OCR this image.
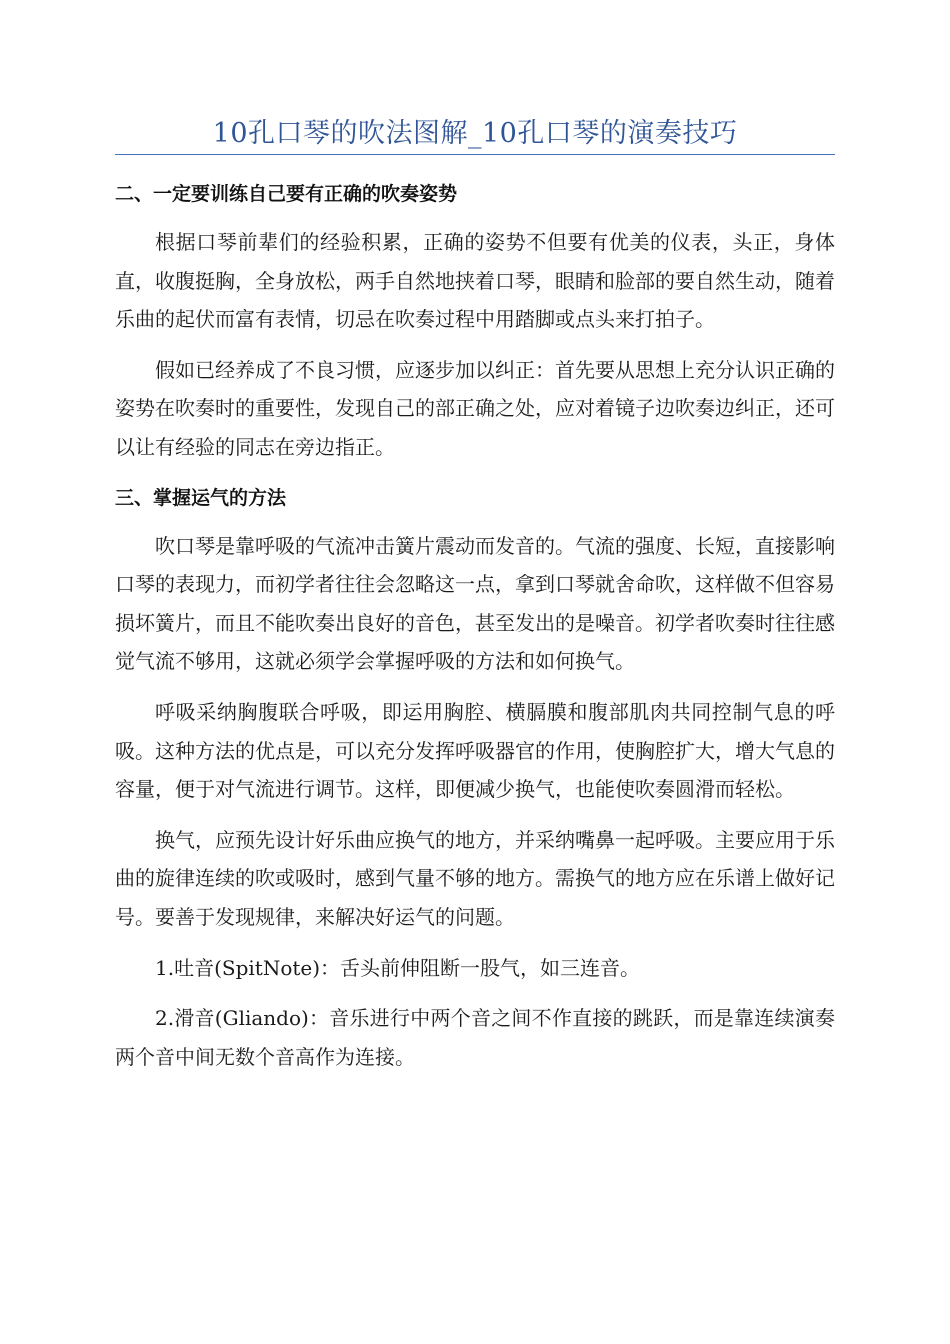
10孔口琴的吹法图解_10孔口琴的演奏技巧
二、一定要训练自己要有正确的吹奏姿势

根据口琴前辈们的经验积累，正确的姿势不但要有优美的仪表，头正，身体直，收腹挺胸，全身放松，两手自然地挟着口琴，眼睛和脸部的要自然生动，随着乐曲的起伏而富有表情，切忌在吹奏过程中用踏脚或点头来打拍子。

假如已经养成了不良习惯，应逐步加以纠正：首先要从思想上充分认识正确的姿势在吹奏时的重要性，发现自己的部正确之处，应对着镜子边吹奏边纠正，还可以让有经验的同志在旁边指正。

三、掌握运气的方法

吹口琴是靠呼吸的气流冲击簧片震动而发音的。气流的强度、长短，直接影响口琴的表现力，而初学者往往会忽略这一点，拿到口琴就舍命吹，这样做不但容易损坏簧片，而且不能吹奏出良好的音色，甚至发出的是噪音。初学者吹奏时往往感觉气流不够用，这就必须学会掌握呼吸的方法和如何换气。

呼吸采纳胸腹联合呼吸，即运用胸腔、横膈膜和腹部肌肉共同控制气息的呼吸。这种方法的优点是，可以充分发挥呼吸器官的作用，使胸腔扩大，增大气息的容量，便于对气流进行调节。这样，即便减少换气，也能使吹奏圆滑而轻松。

换气，应预先设计好乐曲应换气的地方，并采纳嘴鼻一起呼吸。主要应用于乐曲的旋律连续的吹或吸时，感到气量不够的地方。需换气的地方应在乐谱上做好记号。要善于发现规律，来解决好运气的问题。

1.吐音(SpitNote)：舌头前伸阻断一股气，如三连音。

2.滑音(Gliando)：音乐进行中两个音之间不作直接的跳跃，而是靠连续演奏两个音中间无数个音高作为连接。
